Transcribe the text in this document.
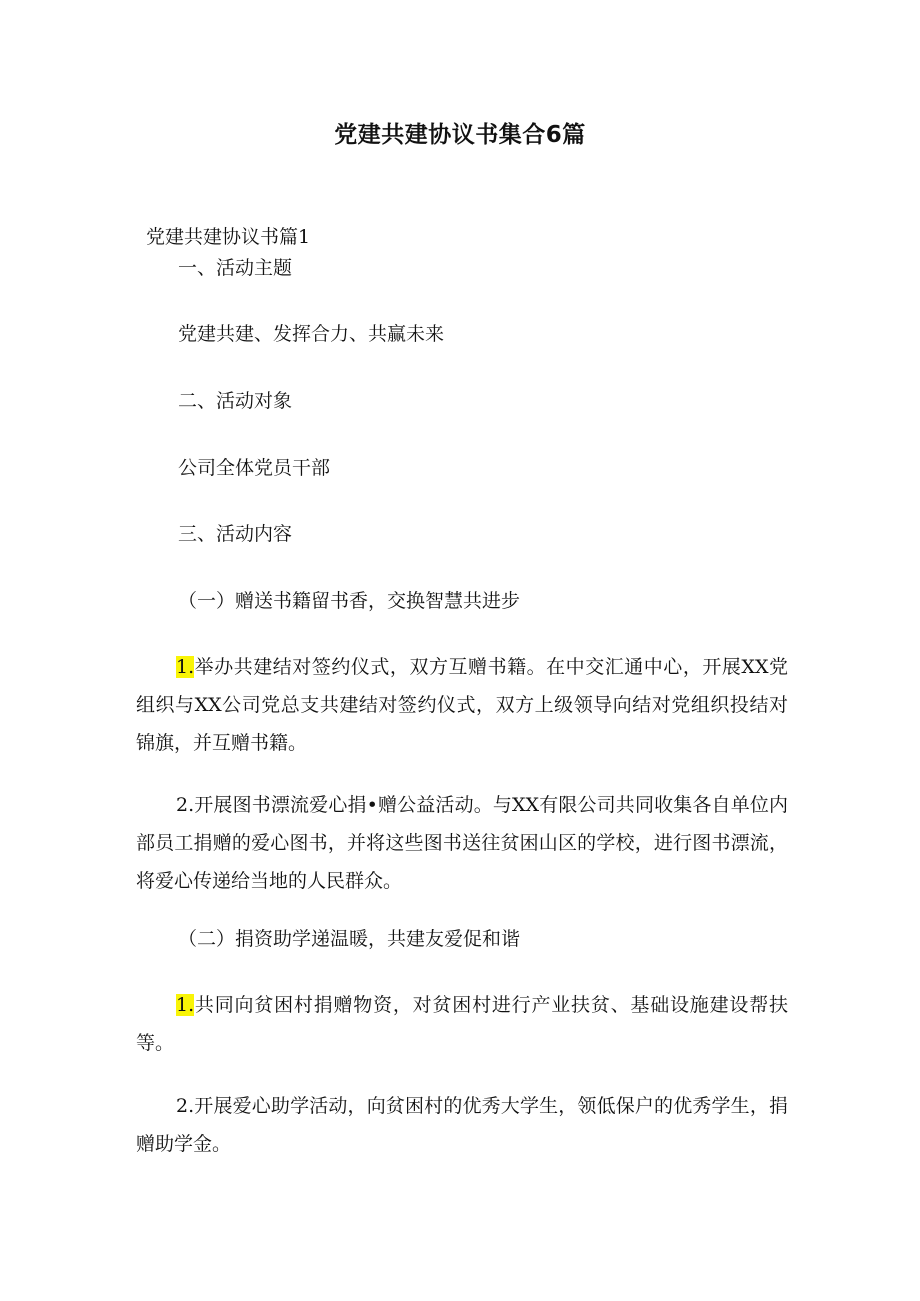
党建共建协议书集合6篇
党建共建协议书篇1
一、活动主题
党建共建、发挥合力、共赢未来
二、活动对象
公司全体党员干部
三、活动内容
（一）赠送书籍留书香，交换智慧共进步
1.举办共建结对签约仪式，双方互赠书籍。在中交汇通中心，开展XX党组织与XX公司党总支共建结对签约仪式，双方上级领导向结对党组织投结对锦旗，并互赠书籍。
2.开展图书漂流爱心捐•赠公益活动。与XX有限公司共同收集各自单位内部员工捐赠的爱心图书，并将这些图书送往贫困山区的学校，进行图书漂流，将爱心传递给当地的人民群众。
（二）捐资助学递温暖，共建友爱促和谐
1.共同向贫困村捐赠物资，对贫困村进行产业扶贫、基础设施建设帮扶等。
2.开展爱心助学活动，向贫困村的优秀大学生，领低保户的优秀学生，捐赠助学金。
